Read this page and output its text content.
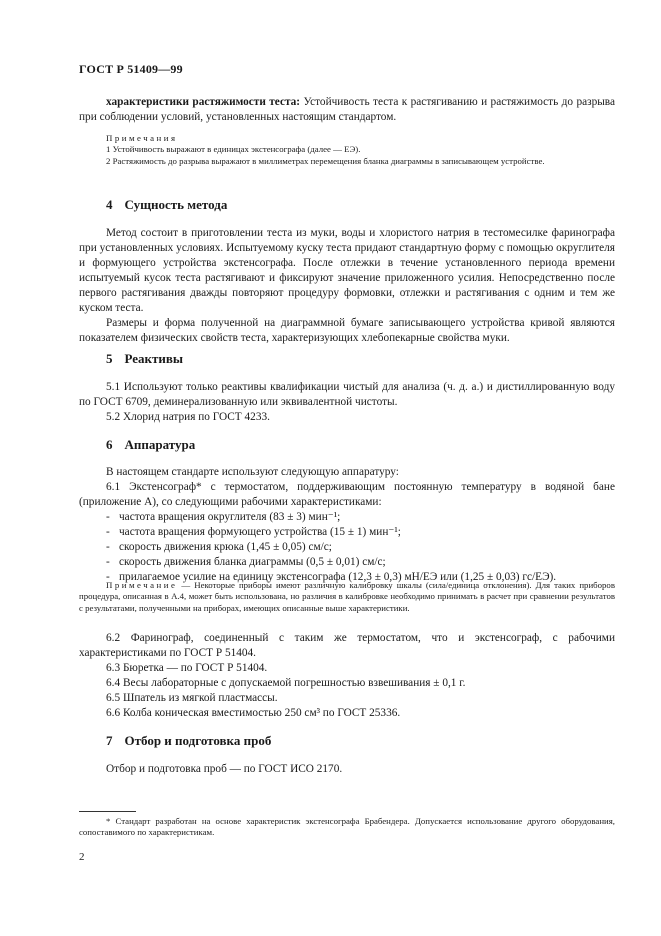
ГОСТ Р 51409—99

характеристики растяжимости теста: Устойчивость теста к растягиванию и растяжимость до разрыва при соблюдении условий, установленных настоящим стандартом.

Примечания

1 Устойчивость выражают в единицах экстенсографа (далее — ЕЭ).

2 Растяжимость до разрыва выражают в миллиметрах перемещения бланка диаграммы в записывающем устройстве.

4 Сущность метода

Метод состоит в приготовлении теста из муки, воды и хлористого натрия в тестомесилке фаринографа при установленных условиях. Испытуемому куску теста придают стандартную форму с помощью округлителя и формующего устройства экстенсографа. После отлежки в течение установленного периода времени испытуемый кусок теста растягивают и фиксируют значение приложенного усилия. Непосредственно после первого растягивания дважды повторяют процедуру формовки, отлежки и растягивания с одним и тем же куском теста.

Размеры и форма полученной на диаграммной бумаге записывающего устройства кривой являются показателем физических свойств теста, характеризующих хлебопекарные свойства муки.

5 Реактивы

5.1 Используют только реактивы квалификации чистый для анализа (ч. д. а.) и дистиллированную воду по ГОСТ 6709, деминерализованную или эквивалентной чистоты.

5.2 Хлорид натрия по ГОСТ 4233.

6 Аппаратура

В настоящем стандарте используют следующую аппаратуру:

6.1 Экстенсограф* с термостатом, поддерживающим постоянную температуру в водяной бане (приложение А), со следующими рабочими характеристиками:

- частота вращения округлителя (83 ± 3) мин⁻¹;
- частота вращения формующего устройства (15 ± 1) мин⁻¹;
- скорость движения крюка (1,45 ± 0,05) см/с;
- скорость движения бланка диаграммы (0,5 ± 0,01) см/с;
- прилагаемое усилие на единицу экстенсографа (12,3 ± 0,3) мН/ЕЭ или (1,25 ± 0,03) гс/ЕЭ).

Примечание — Некоторые приборы имеют различную калибровку шкалы (сила/единица отклонения). Для таких приборов процедура, описанная в А.4, может быть использована, но различия в калибровке необходимо принимать в расчет при сравнении результатов с результатами, полученными на приборах, имеющих описанные выше характеристики.

6.2 Фаринограф, соединенный с таким же термостатом, что и экстенсограф, с рабочими характеристиками по ГОСТ Р 51404.

6.3 Бюретка — по ГОСТ Р 51404.

6.4 Весы лабораторные с допускаемой погрешностью взвешивания ± 0,1 г.

6.5 Шпатель из мягкой пластмассы.

6.6 Колба коническая вместимостью 250 см³ по ГОСТ 25336.

7 Отбор и подготовка проб

Отбор и подготовка проб — по ГОСТ ИСО 2170.

* Стандарт разработан на основе характеристик экстенсографа Брабендера. Допускается использование другого оборудования, сопоставимого по характеристикам.

2
